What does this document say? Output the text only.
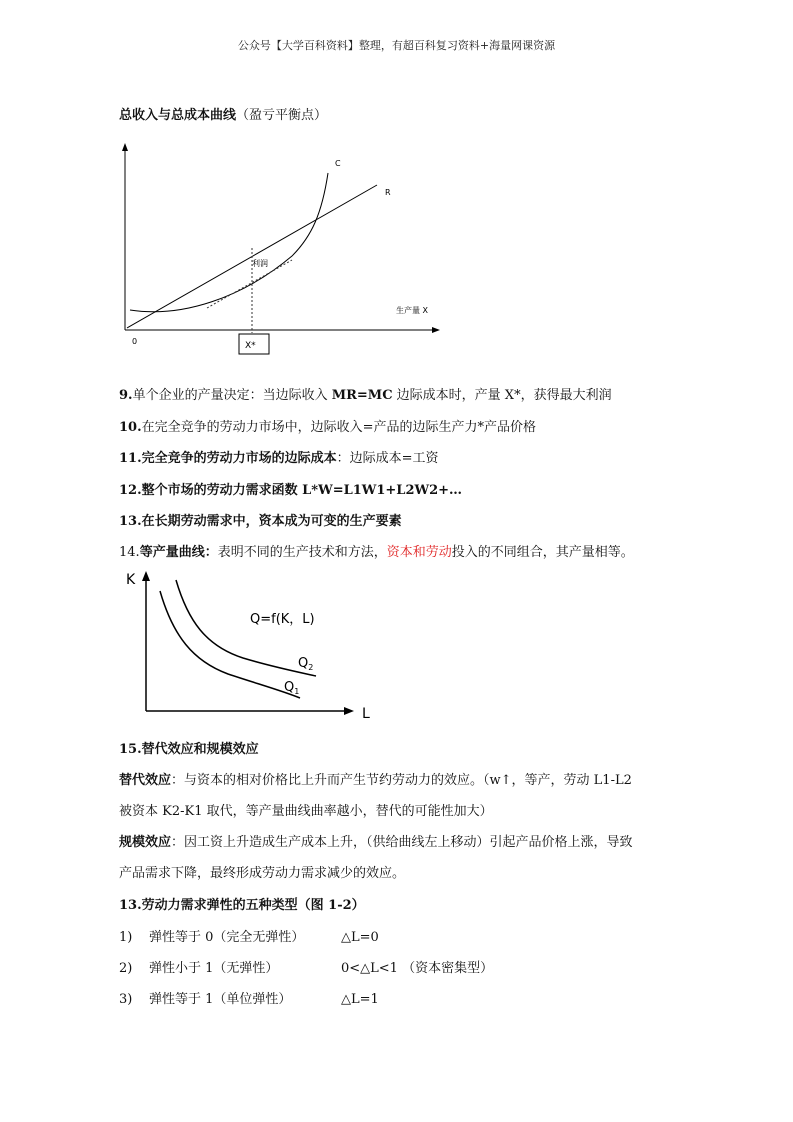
公众号【大学百科资料】整理，有超百科复习资料+海量网课资源
总收入与总成本曲线（盈亏平衡点）
X*
C
R
利润
生产量 X
0
9.单个企业的产量决定：当边际收入 MR=MC 边际成本时，产量 X*，获得最大利润
10.在完全竞争的劳动力市场中，边际收入=产品的边际生产力*产品价格
11.完全竞争的劳动力市场的边际成本：边际成本=工资
12.整个市场的劳动力需求函数 L*W=L1W1+L2W2+…
13.在长期劳动需求中，资本成为可变的生产要素
14.等产量曲线：表明不同的生产技术和方法，资本和劳动投入的不同组合，其产量相等。
K
L
Q=f(K，L)
$Q_2$
$Q_1$
15.替代效应和规模效应
替代效应：与资本的相对价格比上升而产生节约劳动力的效应。（w↑，等产，劳动 L1-L2
被资本 K2-K1 取代，等产量曲线曲率越小，替代的可能性加大）
规模效应：因工资上升造成生产成本上升，（供给曲线左上移动）引起产品价格上涨，导致
产品需求下降，最终形成劳动力需求减少的效应。
13.劳动力需求弹性的五种类型（图 1-2）
1) 弹性等于 0（完全无弹性）	△L=0
2) 弹性小于 1（无弹性）	0<△L<1 （资本密集型）
3) 弹性等于 1（单位弹性）	△L=1
